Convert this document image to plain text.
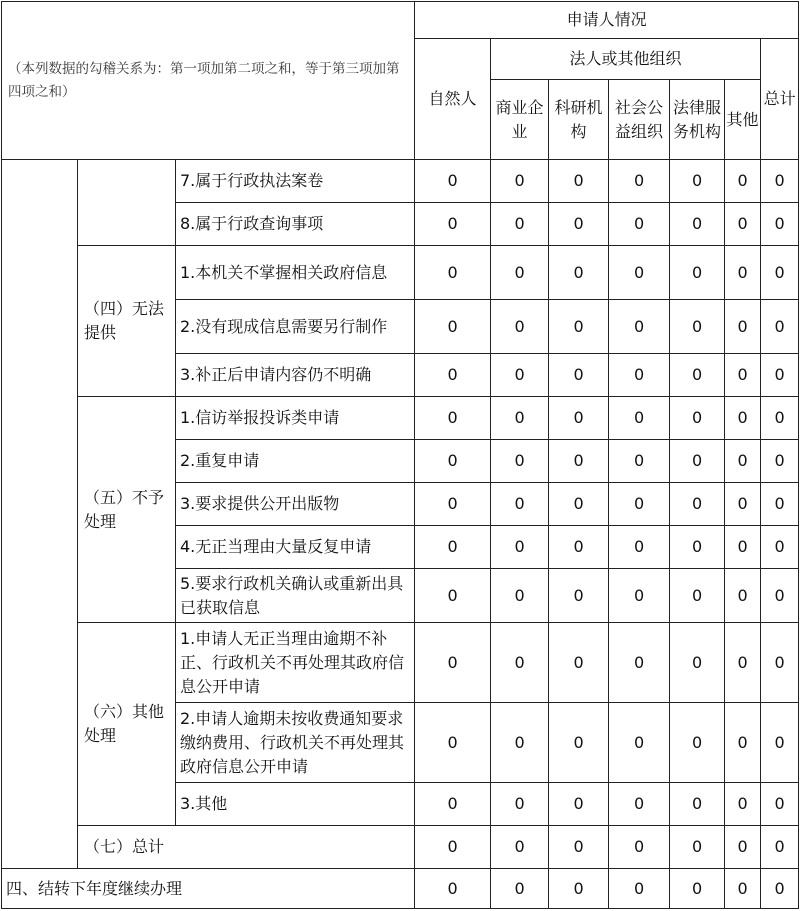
（本列数据的勾稽关系为：第一项加第二项之和，等于第三项加第四项之和）			申请人情况						
			自然人	法人或其他组织					总计
				商业企业	科研机构	社会公益组织	法律服务机构	其他	
		7.属于行政执法案卷	0	0	0	0	0	0	0
		8.属于行政查询事项	0	0	0	0	0	0	0
	（四）无法提供	1.本机关不掌握相关政府信息	0	0	0	0	0	0	0
		2.没有现成信息需要另行制作	0	0	0	0	0	0	0
		3.补正后申请内容仍不明确	0	0	0	0	0	0	0
	（五）不予处理	1.信访举报投诉类申请	0	0	0	0	0	0	0
		2.重复申请	0	0	0	0	0	0	0
		3.要求提供公开出版物	0	0	0	0	0	0	0
		4.无正当理由大量反复申请	0	0	0	0	0	0	0
		5.要求行政机关确认或重新出具已获取信息	0	0	0	0	0	0	0
	（六）其他处理	1.申请人无正当理由逾期不补正、行政机关不再处理其政府信息公开申请	0	0	0	0	0	0	0
		2.申请人逾期未按收费通知要求缴纳费用、行政机关不再处理其政府信息公开申请	0	0	0	0	0	0	0
		3.其他	0	0	0	0	0	0	0
	（七）总计		0	0	0	0	0	0	0
四、结转下年度继续办理			0	0	0	0	0	0	0
